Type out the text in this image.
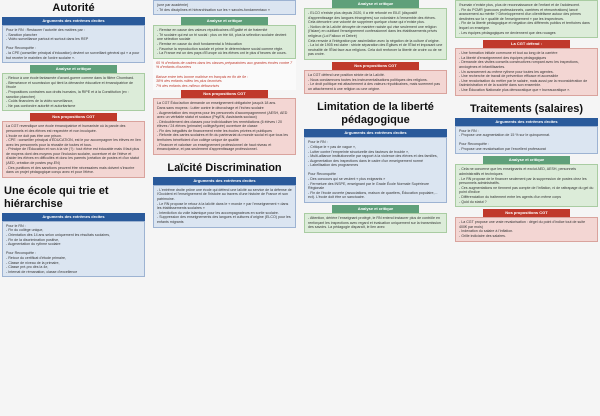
Autorité
Arguments des extrêmes droites
Pour le RN : Restaurer l'autorité des maîtres par :
- Sanction plancher
- Vidéo surveillance partout et surtout dans les REP

Pour Reconquête :
- la CPE (conseiller principal d'éducation) devient un surveillant général qui « a pour but recréer le maintien de l'ordre scolaire ».
Analyse et critique
- Retour à une école fantasmée d'avant-guerre comme dans la filière Chombard.
- Bienséance et soumission qui tient la démarche éducative et émancipatrice de l'école
- Propositions contraires aux droits humains, la RIPE et à la Constitution (ex : sanction plancher)
- Coûts financiers de la vidéo surveillance,
- Ne pas confondre autorité et autoritarisme
Nos propositions CGT
La CGT revendique une école émancipatrice et humaniste où la parole des personnels et des élèves est respectée et non inculquée.
L'école ne doit pas être une prison.
- CPE : conseiller principal d'ÉDUCATION, est le pur accompagner les élèves en lien avec les personnels pour la réussite de toutes et tous.
- Principe de l'Éducation et non à la vie (?) : tout élève est éducable mais il faut plus de moyens dont des moyens pour l'inclusion scolaire, ouverture et de l'élève et d'aider les élèves en difficultés et donc les parents (création de postes et d'un statut (AED, création de postes psy-EN)
- Des punitions et des sanctions peuvent être nécessaires mais doivent s'inscrire dans un projet pédagogique conçu avec et pour l'élève.
Une école qui trie et hiérarchise
Arguments des extrêmes droites
Pour le RN :
- Fin du collège unique,
- Orientation dès 14 ans selon uniquement les résultats scolaires,
- Fin de la discrimination positive,
- Augmentation du rythme scolaire

Pour Reconquête :
- Retour du certificat d'étude primaire,
- Classe de niveau de la primaire,
- Classe pré-pro dès la 4e,
- Internat de rémanation, classe d'excellence
(une par académie)
- Tri des disciplines et hiérarchisation sur les « savoirs-fondamentaux »
Analyse et critique
- Remise en cause des valeurs républicaines d'Égalité et de fraternité
- Tri scolaire qui est un tri social : plus on trie tôt, plus la sélection scolaire devient une sélection sociale
- Remise en cause du droit fondamental à l'éducation
- Favorise la reproduction sociale et prime le déterminisme social comme règle.
- La France est un des pays d'Europe où les élèves ont le plus d'heures de cours.
65 % d'enfants de cadres dans les classes préparatoires aux grandes écoles contre 7 % d'enfants d'ouvriers

Baisse entre très bonne maîtrise en français en fin de 6e :
38% des enfants milieu les plus favorisés
7% des enfants des milieux défavorisés
Nos propositions CGT
La CGT Éduc'action demande un enseignement obligatoire jusqu'à 18 ans.
Dans sans moyens : Lutter contre le décrochage et l'échec scolaire
- Augmentation des moyens pour les personnels d'accompagnement (AESH, AED avec un véritable statut et sociaux (PsyEN, Assistants sociaux)
- Dédoublement des classes pour individualiser les remédiations (6 élèves / 20 élèves / 24 élèves (primaire) collège/lycée) ouverture de classe
- Fin des inégalités de financement entre les écoles privées et publiques
- Refonte des cartes scolaires et fin du partenariat du monde social et que tous les territoires bénéficient d'un collège unique de qualité
- Financer et valoriser un enseignement professionnel de haut niveau et émancipateur, et pas seulement d'apprentissage professionnel.
Laïcité Discrimination
Arguments des extrêmes droites
- L'extrême droite prône une école qui défend une laïcité au service de la défense de l'Occident et l'enseignement de l'histoire au travers d'une histoire de France et son patrimoine.
- Le RN propose le retour à la laïcité dans le « monde » par l'enseignement « dans les établissements scolaires »
- Interdiction du voile islamique pour les accompagnateurs en sortie scolaire.
- Suppression des enseignements des langues et cultures d'origine (ELCO) pour les enfants migrants
Analyse et critique
- ELCO n'existe plus depuis 2020, il a été refondé en EILE (dispositif d'apprentissage des langues étrangères) sur volontaire à l'ensemble des élèves. Cela démontre une volonté de supprimer quelque chose qui n'existe plus.
- Notion de la Laïcité dévoyée de manière raciste qui vise seulement une religion (l'Islam) en oubliant l'enseignement confessionnel dans les établissements privés religieux (Loi Falloux et Debré)
Cela renvoie à l'intégration par assimilation avec la négation de la culture d'origine.
- La loi de 1905 est claire : stricte séparation des Églises et de l'État et imposant une neutralité de l'État face aux religions. Cela doit renforcer la liberté de croire ou de ne pas croire.
Nos propositions CGT
La CGT défend une position stricte de la Laïcité.
- Nous condamnons toutes les instrumentalisations politiques des religions.
- Le droit politique est attachement à des valeurs républicaines, mais surement pas un attachement à une religion ou une origine.
Limitation de la liberté pédagogique
Arguments des extrêmes droites
Pour le RN :
- Critique le « pas de vague »,
- Lutter contre l'empreinte structurelle des fauteurs de trouble »,
- Multi-alliance institutionnelle par rapport à la violence des élèves et des familles,
- Augmentation des inspections dans le cadre d'un enseignement normé
- Labellisation des programmes

Pour Reconquête
- Des concours qui se veulent « plus exigeants »
- Fermeture des INSPE, enseignant par le Grade École Normale Supérieure Régionale
- Fin de l'école ouverte (associations, maison de quartiers, Éducation populaire,... ect). L'école doit être un sanctuaire.
Analyse et critique
- Attention, dérière l'enseignant protégé, le RN entend instaurer plus de contrôle en renforçant les inspections avec regard et évaluation uniquement sur la transmission des savoirs. La pédagogie disparaît, le lien avec
l'humain n'existe plus, plus de reconnaissance de l'enfant et de l'adolescent.
- Fin du PCMR (parcours professionnels, carrières et rémunérations) lancé avancement au mérite ? Développement d'un clientélisme autour des primes destinées sur la « qualité de l'enseignement » par les inspecteurs.
- Fin de la liberté pédagogique et négation des différents publics et territoires dans lequel on enseigne.
- Les équipes pédagogiques ne deviennent que des rouages
La CGT défend :
- Une formation initiale commune et tout au long de la carrière
- La liberté d'enseignement des équipes pédagogiques
- Demande des visites conseils constructives rompant avec les inspections, anxiogènes et infantilisantes.
- Un avancement au même rythme pour toutes les agentes.
- Une recherche de travail de prévention efficace et accessible
- Une revalorisation du métier par le salaire, mais aussi par la reconsidération de l'administration et de la société dans son ensemble.
- Une Éducation Nationale plus démocratique que « bureaucratique ».
Traitements (salaires)
Arguments des extrêmes droites
Pour le RN :
- Propose une augmentation de 15 % sur le quinquennat.

Pour Reconquête :
- Propose une revalorisation par l'excellent professorat
Analyse et critique
- Cela ne concerne que les enseignants et exclut AED, AESH, personnels administratifs et techniques
- Le RN propose de le financer seulement par la suppression de postes chez les personnels administratifs.
- Ces augmentations ne tiennent pas compte de l'inflation, ni de rattrapage du gel du point d'indice
- Différenciation du traitement entre les agents d'un même corps
- Quid du statut ?
Nos propositions CGT
- La CGT propose une vraie revalorisation : dégel du point d'indice tout de suite 400€ par mois)
- Indexation du salaire à l'inflation.
- Grille indiciaire des salaires.
